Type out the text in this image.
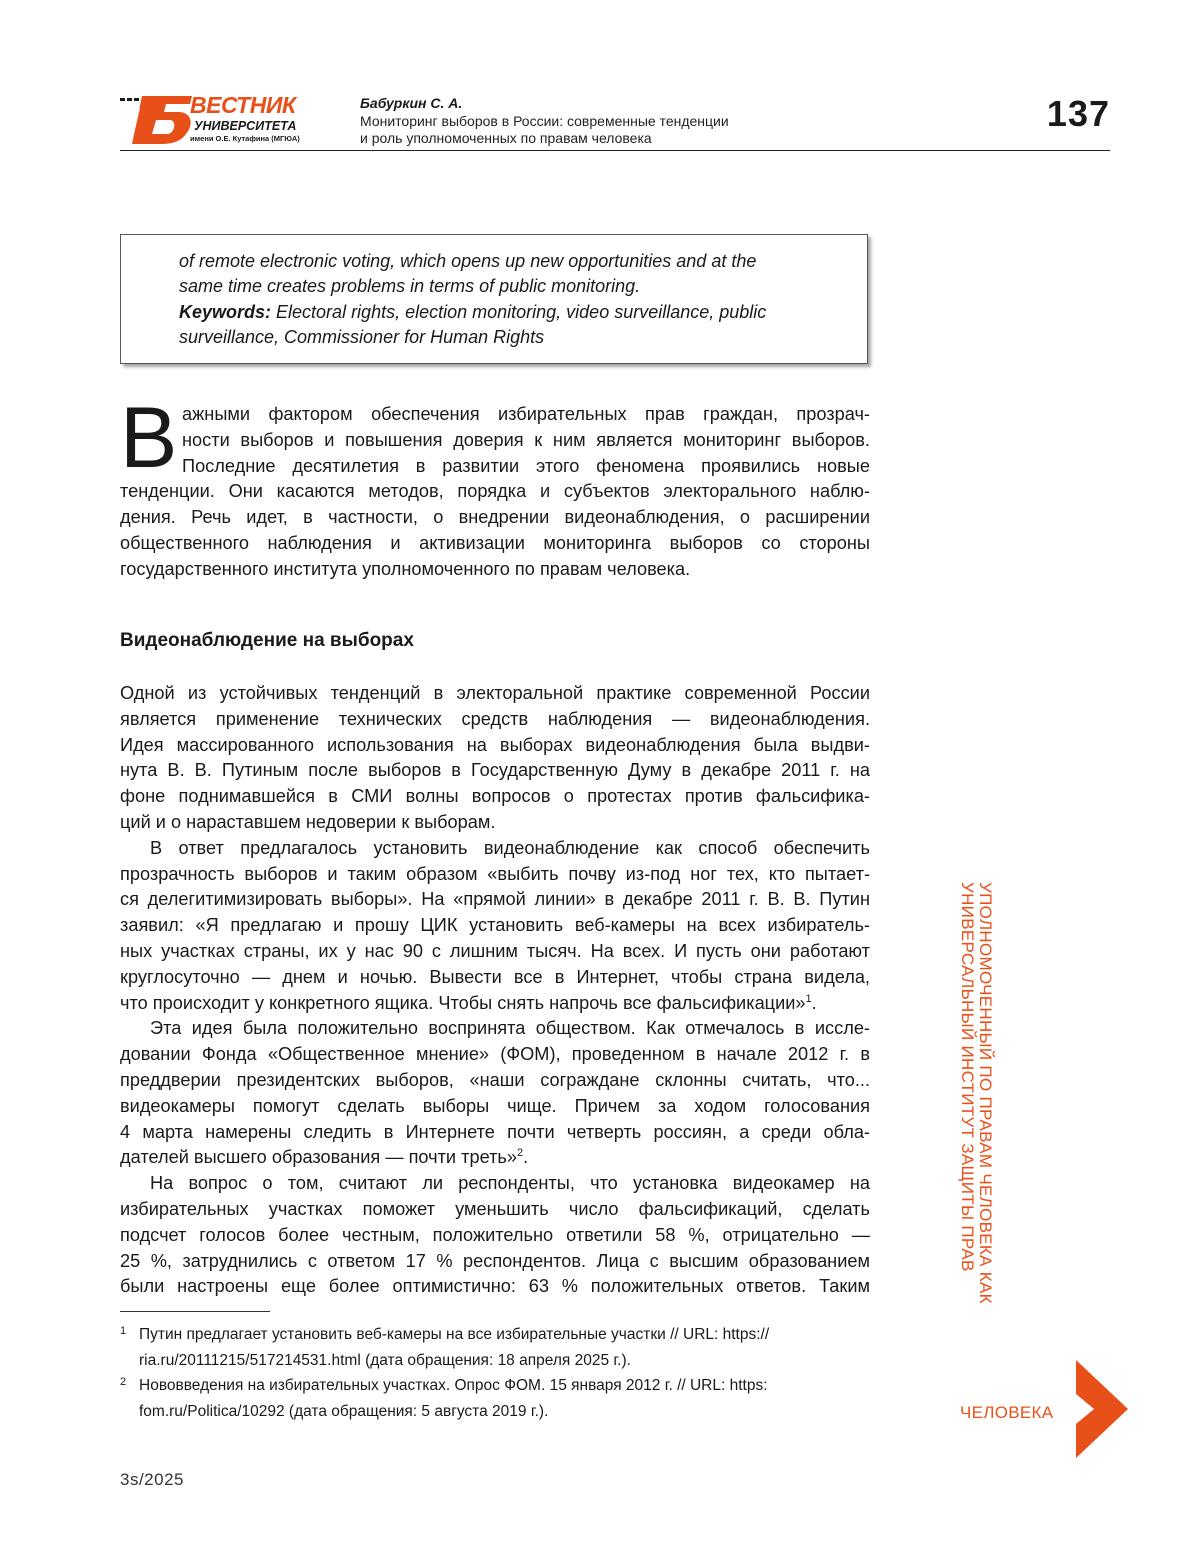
ВЕСТНИК
УНИВЕРСИТЕТА
имени О.Е. Кутафина (МГЮА)
Бабуркин С. А.
Мониторинг выборов в России: современные тенденции
и роль уполномоченных по правам человека
137
of remote electronic voting, which opens up new opportunities and at the
same time creates problems in terms of public monitoring.
Keywords: Electoral rights, election monitoring, video surveillance, public
surveillance, Commissioner for Human Rights
В ажными фактором обеспечения избирательных прав граждан, прозрач-
ности выборов и повышения доверия к ним является мониторинг выборов.
Последние десятилетия в развитии этого феномена проявились новые
тенденции. Они касаются методов, порядка и субъектов электорального наблю-
дения. Речь идет, в частности, о внедрении видеонаблюдения, о расширении
общественного наблюдения и активизации мониторинга выборов со стороны
государственного института уполномоченного по правам человека.
Видеонаблюдение на выборах
Одной из устойчивых тенденций в электоральной практике современной России
является применение технических средств наблюдения — видеонаблюдения.
Идея массированного использования на выборах видеонаблюдения была выдви-
нута В. В. Путиным после выборов в Государственную Думу в декабре 2011 г. на
фоне поднимавшейся в СМИ волны вопросов о протестах против фальсифика-
ций и о нараставшем недоверии к выборам.
В ответ предлагалось установить видеонаблюдение как способ обеспечить
прозрачность выборов и таким образом «выбить почву из-под ног тех, кто пытает-
ся делегитимизировать выборы». На «прямой линии» в декабре 2011 г. В. В. Путин
заявил: «Я предлагаю и прошу ЦИК установить веб-камеры на всех избиратель-
ных участках страны, их у нас 90 с лишним тысяч. На всех. И пусть они работают
круглосуточно — днем и ночью. Вывести все в Интернет, чтобы страна видела,
что происходит у конкретного ящика. Чтобы снять напрочь все фальсификации»$^1$.
Эта идея была положительно воспринята обществом. Как отмечалось в иссле-
довании Фонда «Общественное мнение» (ФОМ), проведенном в начале 2012 г. в
преддверии президентских выборов, «наши сограждане склонны считать, что...
видеокамеры помогут сделать выборы чище. Причем за ходом голосования
4 марта намерены следить в Интернете почти четверть россиян, а среди обла-
дателей высшего образования — почти треть»$^2$.
На вопрос о том, считают ли респонденты, что установка видеокамер на
избирательных участках поможет уменьшить число фальсификаций, сделать
подсчет голосов более честным, положительно ответили 58 %, отрицательно —
25 %, затруднились с ответом 17 % респондентов. Лица с высшим образованием
были настроены еще более оптимистично: 63 % положительных ответов. Таким
1 Путин предлагает установить веб-камеры на все избирательные участки // URL: https://
ria.ru/20111215/517214531.html (дата обращения: 18 апреля 2025 г.).
2 Нововведения на избирательных участках. Опрос ФОМ. 15 января 2012 г. // URL: https:
fom.ru/Politica/10292 (дата обращения: 5 августа 2019 г.).
УПОЛНОМОЧЕННЫЙ ПО ПРАВАМ ЧЕЛОВЕКА КАК
УНИВЕРСАЛЬНЫЙ ИНСТИТУТ ЗАЩИТЫ ПРАВ
ЧЕЛОВЕКА
3s/2025
